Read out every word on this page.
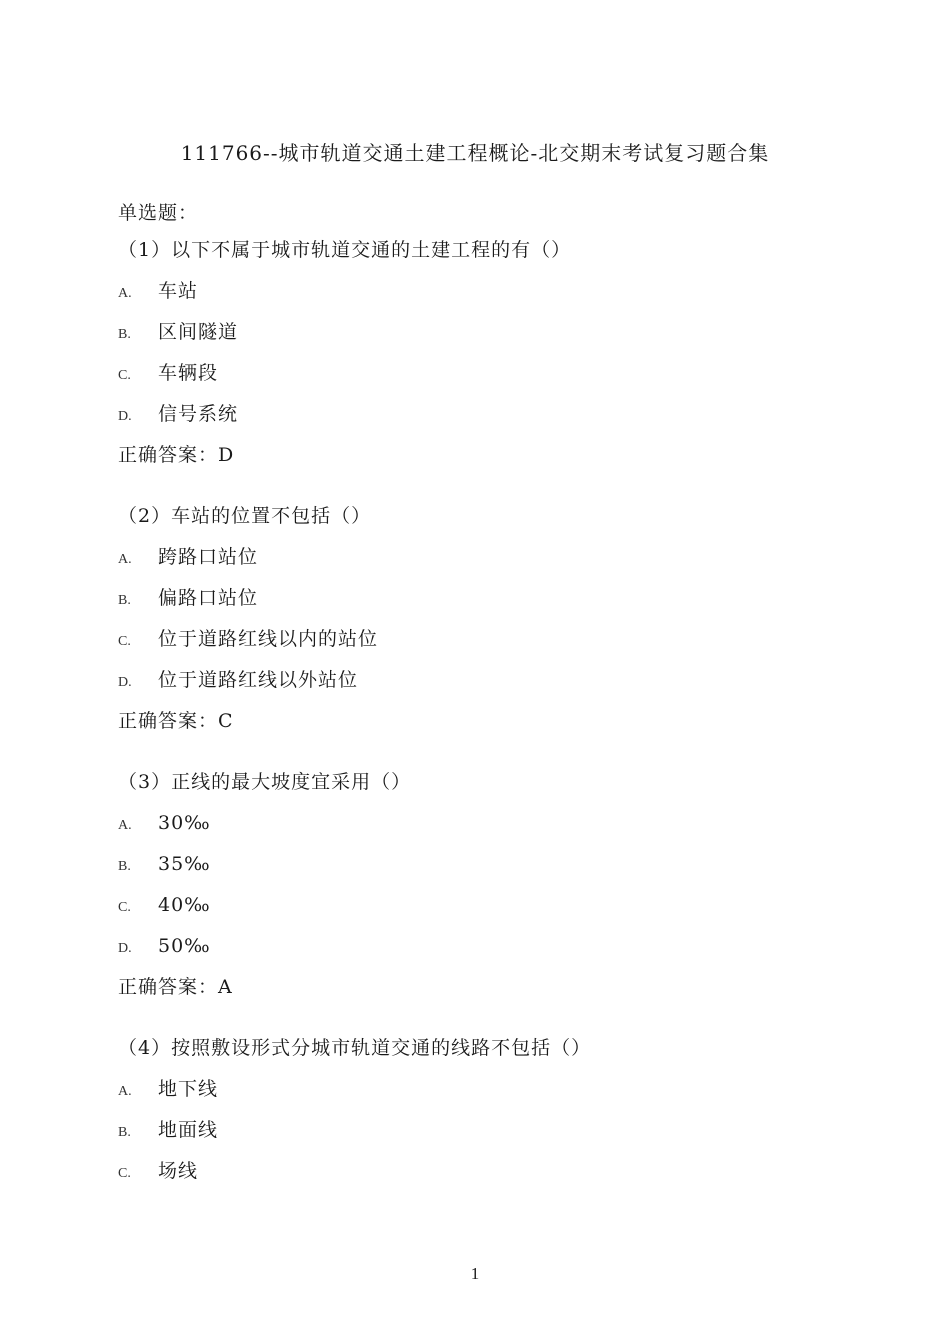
111766--城市轨道交通土建工程概论-北交期末考试复习题合集
单选题：
（1）以下不属于城市轨道交通的土建工程的有（）
A. 车站
B. 区间隧道
C. 车辆段
D. 信号系统
正确答案：D
（2）车站的位置不包括（）
A. 跨路口站位
B. 偏路口站位
C. 位于道路红线以内的站位
D. 位于道路红线以外站位
正确答案：C
（3）正线的最大坡度宜采用（）
A. 30‰
B. 35‰
C. 40‰
D. 50‰
正确答案：A
（4）按照敷设形式分城市轨道交通的线路不包括（）
A. 地下线
B. 地面线
C. 场线
1
